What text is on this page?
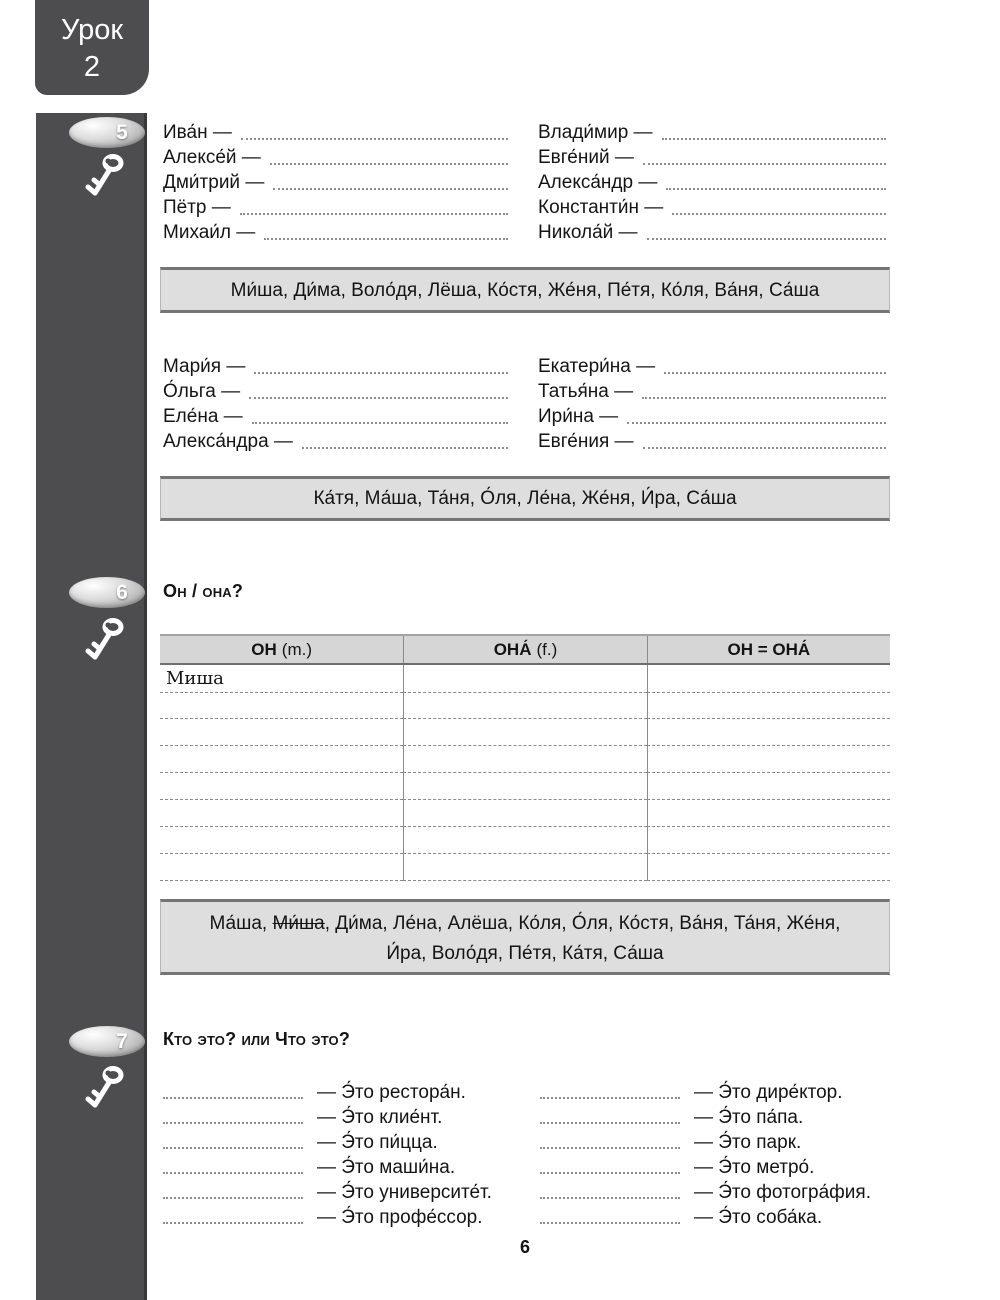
Урок
2
5
6
7
Ива́н —
Алексе́й —
Дми́трий —
Пётр —
Михаи́л —
Влади́мир —
Евге́ний —
Алекса́ндр —
Константи́н —
Никола́й —
Ми́ша, Ди́ма, Воло́дя, Лёша, Ко́стя, Же́ня, Пе́тя, Ко́ля, Ва́ня, Са́ша
Мари́я —
О́льга —
Еле́на —
Алекса́ндра —
Екатери́на —
Татья́на —
Ири́на —
Евге́ния —
Ка́тя, Ма́ша, Та́ня, О́ля, Ле́на, Же́ня, И́ра, Са́ша
Он / она?
ОН (m.)	ОНА́ (f.)	ОН = ОНА́
Миша
Ма́ша, Ми́ша, Ди́ма, Ле́на, Алёша, Ко́ля, О́ля, Ко́стя, Ва́ня, Та́ня, Же́ня, И́ра, Воло́дя, Пе́тя, Ка́тя, Са́ша
Кто это? или Что это?
— Э́то рестора́н.
— Э́то клие́нт.
— Э́то пи́цца.
— Э́то маши́на.
— Э́то университе́т.
— Э́то профе́ссор.
— Э́то дире́ктор.
— Э́то па́па.
— Э́то парк.
— Э́то метро́.
— Э́то фотогра́фия.
— Э́то соба́ка.
6
